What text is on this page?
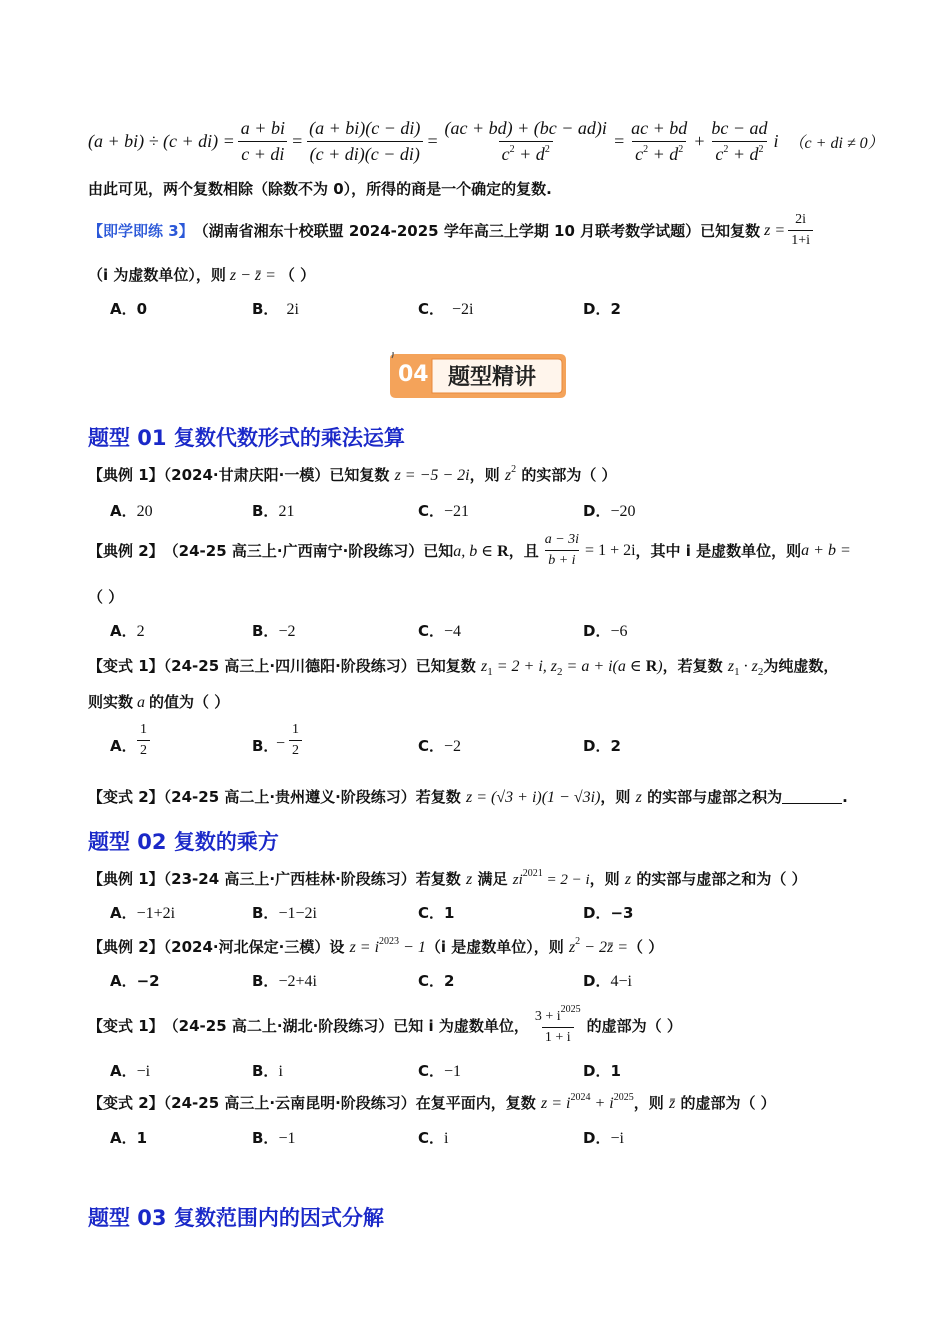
$(a + bi) \div (c + di) = \frac{a + bi}{c + di} = \frac{(a + bi)(c - di)}{(c + di)(c - di)} = \frac{(ac + bd) + (bc - ad)i}{c^2 + d^2} = \frac{ac + bd}{c^2 + d^2} + \frac{bc - ad}{c^2 + d^2}$ i （c + di ≠ 0）
由此可见，两个复数相除（除数不为 0），所得的商是一个确定的复数.
【即学即练 3】 （湖南省湘东十校联盟 2024-2025 学年高三上学期 10 月联考数学试题）已知复数 $z = \frac{2i}{1+i}$
（i 为虚数单位），则 z − z̄ = （ ）
A．0	B． 2i	C． −2i	D．2
04 题型精讲
题型 01 复数代数形式的乘法运算
【典例 1】（2024·甘肃庆阳·一模）已知复数 z = −5 − 2i，则 $z^2$ 的实部为（ ）
A．20	B．21	C．−21	D．−20
【典例 2】 （24-25 高三上·广西南宁·阶段练习）已知 a, b ∈ R ，且 $\frac{a - 3i}{b + i} = 1 + 2i$ ，其中 i 是虚数单位，则 a + b =
（ ）
A．2	B．−2	C．−4	D．−6
【变式 1】（24-25 高三上·四川德阳·阶段练习）已知复数 $z_1 = 2 + i$, $z_2 = a + i(a$ ∈ R)，若复数 $z_1 \cdot z_2$为纯虚数，
则实数 a 的值为（ ）
A． $\frac{1}{2}$	B．
− $\frac{1}{2}$	C．−2	D．2
【变式 2】（24-25 高二上·贵州遵义·阶段练习）若复数 z = (√3 + i)(1 − √3i)，则 z 的实部与虚部之积为	.
题型 02 复数的乘方
【典例 1】（23-24 高三上·广西桂林·阶段练习）若复数 z 满足 $zi^{2021} = 2 - i$，则 z 的实部与虚部之和为（ ）
A．−1+2i	B．−1−2i	C．1	D．−3
【典例 2】（2024·河北保定·三模）设 $z = i^{2023} - 1(i$ 是虚数单位），则 $z^2$ − 2z̄ =（ ）
A．−2	B．−2+4i	C．2	D．4−i
【变式 1】 （24-25 高二上·湖北·阶段练习）已知 i 为虚数单位， $\frac{3 + i^{2025}}{1 + i}$ 的虚部为（ ）
A．−i	B．i	C．−1	D．1
【变式 2】（24-25 高三上·云南昆明·阶段练习）在复平面内，复数 $z = i^{2024} + i^{2025}$，则 z̄ 的虚部为（ ）
A．1	B．−1	C．i	D．−i
题型 03 复数范围内的因式分解
